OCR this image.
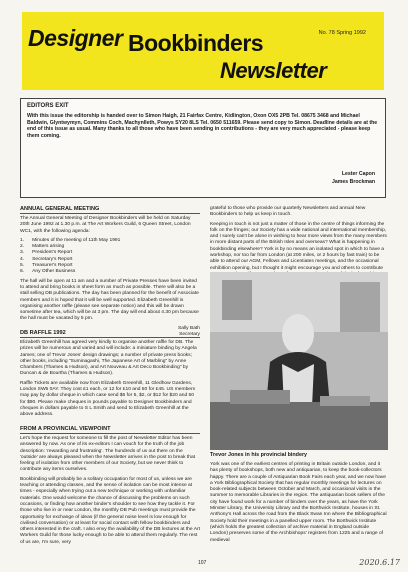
Designer Bookbinders
Newsletter
No. 78 Spring 1992
EDITORS EXIT
With this issue the editorship is handed over to Simon Haigh, 21 Fairfax Centre, Kidlington, Oxon OX5 2PB Tel. 08675 3468 and Michael Baldwin, Glyntwymyn, Commins Coch, Machynlleth, Powys SY20 8LS Tel. 0650 511659. Please send copy to Simon. Deadline details are at the end of this issue as usual. Many thanks to all those who have been sending in contributions - they are very much appreciated - please keep them coming.
Lester Capon
James Brockman
ANNUAL GENERAL MEETING

The Annual General Meeting of Designer Bookbinders will be held on Saturday 20th June 1992 at 1.30 p.m. at The Art Workers Guild, 6 Queen Street, London WC1, with the following agenda:

1. Minutes of the meeting of 11th May 1991
2. Matters arising
3. President's Report
4. Secretary's Report
5. Treasurer's Report
6. Any Other Business

The hall will be open at 11 am and a number of Private Presses have been invited to attend and bring books in sheet form as much as possible. There will also be a stall selling DB publications. The day has been planned for the benefit of Associate members and it is hoped that it will be well supported. Elizabeth Greenhill is organising another raffle (please see separate notice) and this will be drawn sometime after tea, which will be at 3 pm. The day will end about 4.30 pm because the hall must be vacated by 5 pm.

Sally Bath

Secretary

DB RAFFLE 1992

Elizabeth Greenhill has agreed very kindly to organise another raffle for DB. The prizes will be numerous and varied and will include: a miniature binding by Angela James; one of Trevor Jones' design drawings; a number of private press books; other books, including "Suminagashi, The Japanese Art of Marbling" by Anne Chambers (Thames & Hudson), and Art Nouveau & Art Deco Bookbinding" by Duncan & de Bourtha (Thames & Hudson).

Raffle Tickets are available now from Elizabeth Greenhill, 11 Gledhow Gardens, London SW5 0AY. They cost £1 each, or 12 for £10 and 50 for £45. US members may pay by dollar cheque in which case send $6 for 5, $2, or $12 for $20 and 50 for $90. Please make cheques in pounds payable to Designer Bookbinders and cheques in dollars payable to S L Smith and send to Elizabeth Greenhill at the above address.

FROM A PROVINCIAL VIEWPOINT

Let's hope the request for someone to fill the post of Newsletter Editor has been answered by now. As one of its ex-editors I can vouch for the truth of the job description: 'rewarding and frustrating'. The hundreds of us out there on the 'outside' are always pleased when the Newsletter arrives in the post to break that feeling of isolation from other members of our Society, but we never think to contribute any items ourselves.

Bookbinding will probably be a solitary occupation for most of us, unless we are teaching or attending classes, and the sense of isolation can be most intense at times - especially when trying out a new technique or working with unfamiliar materials. One would welcome the chance of discussing the problems on such occasions, or finding how another binder's shoulder to see how they tackle it. For those who live in or near London, the monthly DB Pub meetings must provide the opportunity for exchange of ideas (if the general noise level is low enough for civilised conversation) or at least for social contact with fellow bookbinders and others interested in the craft. I also envy the availability of the DB lectures at the Art Workers Guild for those lucky enough to be able to attend them regularly. The rest of us are, I'm sure, very

grateful to those who provide our quarterly Newsletters and annual New Bookbinders to help us keep in touch.

Keeping in touch is not just a matter of those in the centre of things informing the folk on the fringes; our Society has a wide national and international membership, and I surely can't be alone in wishing to hear more views from the many members in more distant parts of the British Isles and overseas? What is happening in bookbinding elsewhere? York is by no means an isolated spot in which to have a workshop, nor too far from London (at 200 miles, or 2 hours by fast train) to be able to attend our AGM, Fellows and Licentiates meetings, and the occasional exhibition opening, but I thought it might encourage you and others to contribute

Trevor Jones in his provincial bindery

York was one of the earliest centres of printing in Britain outside London, and it has plenty of bookshops, both new and antiquarian, to keep the book-collectors happy. There are a couple of Antiquarian Book Fairs each year, and we now have a York Bibliographical Society that has regular monthly meetings for lectures on book-related subjects between October and March, and occasional visits in the summer to memorable Libraries in the region. The antiquarian book sellers of the city have found work for a number of binders over the years, as have the York Minster Library, the University Library and the Borthwick Institute, houses in St. Anthony's Hall across the road from the Black Swan Inn where the Bibliographical Society hold their meetings in a panelled upper room. The Borthwick Institute (which holds the greatest collection of archive material in England outside London) preserves some of the Archbishops' registers from 1225 and a range of medieval

107	2020.6.17
